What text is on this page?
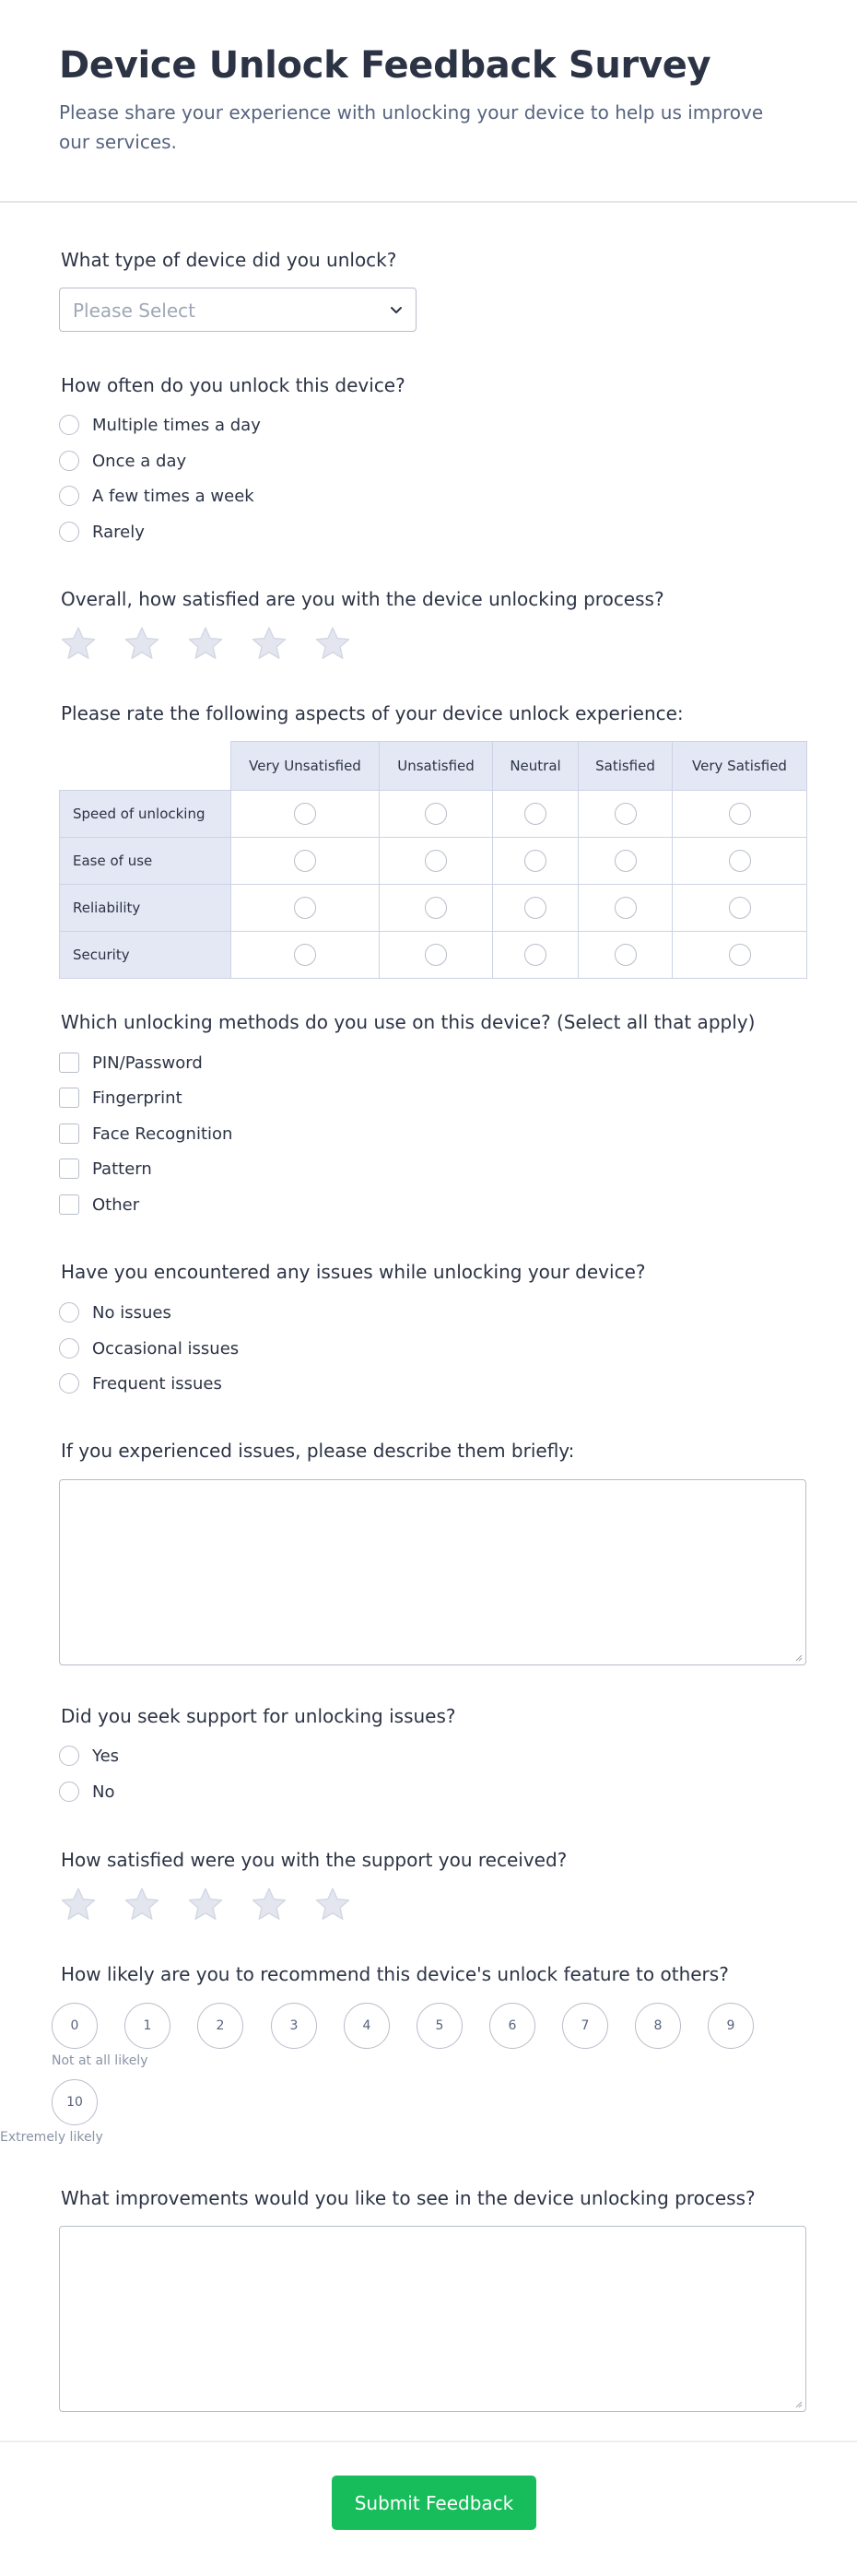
Device Unlock Feedback Survey

Please share your experience with unlocking your device to help us improve our services.

What type of device did you unlock?

Please Select

How often do you unlock this device?

Multiple times a day
Once a day
A few times a week
Rarely

Overall, how satisfied are you with the device unlocking process?

Please rate the following aspects of your device unlock experience:

	Very Unsatisfied	Unsatisfied	Neutral	Satisfied	Very Satisfied
Speed of unlocking					
Ease of use					
Reliability					
Security					

Which unlocking methods do you use on this device? (Select all that apply)

PIN/Password
Fingerprint
Face Recognition
Pattern
Other

Have you encountered any issues while unlocking your device?

No issues
Occasional issues
Frequent issues

If you experienced issues, please describe them briefly:

Did you seek support for unlocking issues?

Yes
No

How satisfied were you with the support you received?

How likely are you to recommend this device's unlock feature to others?

0	1	2	3	4	5	6	7	8	9
Not at all likely
10
Extremely likely

What improvements would you like to see in the device unlocking process?

Submit Feedback
